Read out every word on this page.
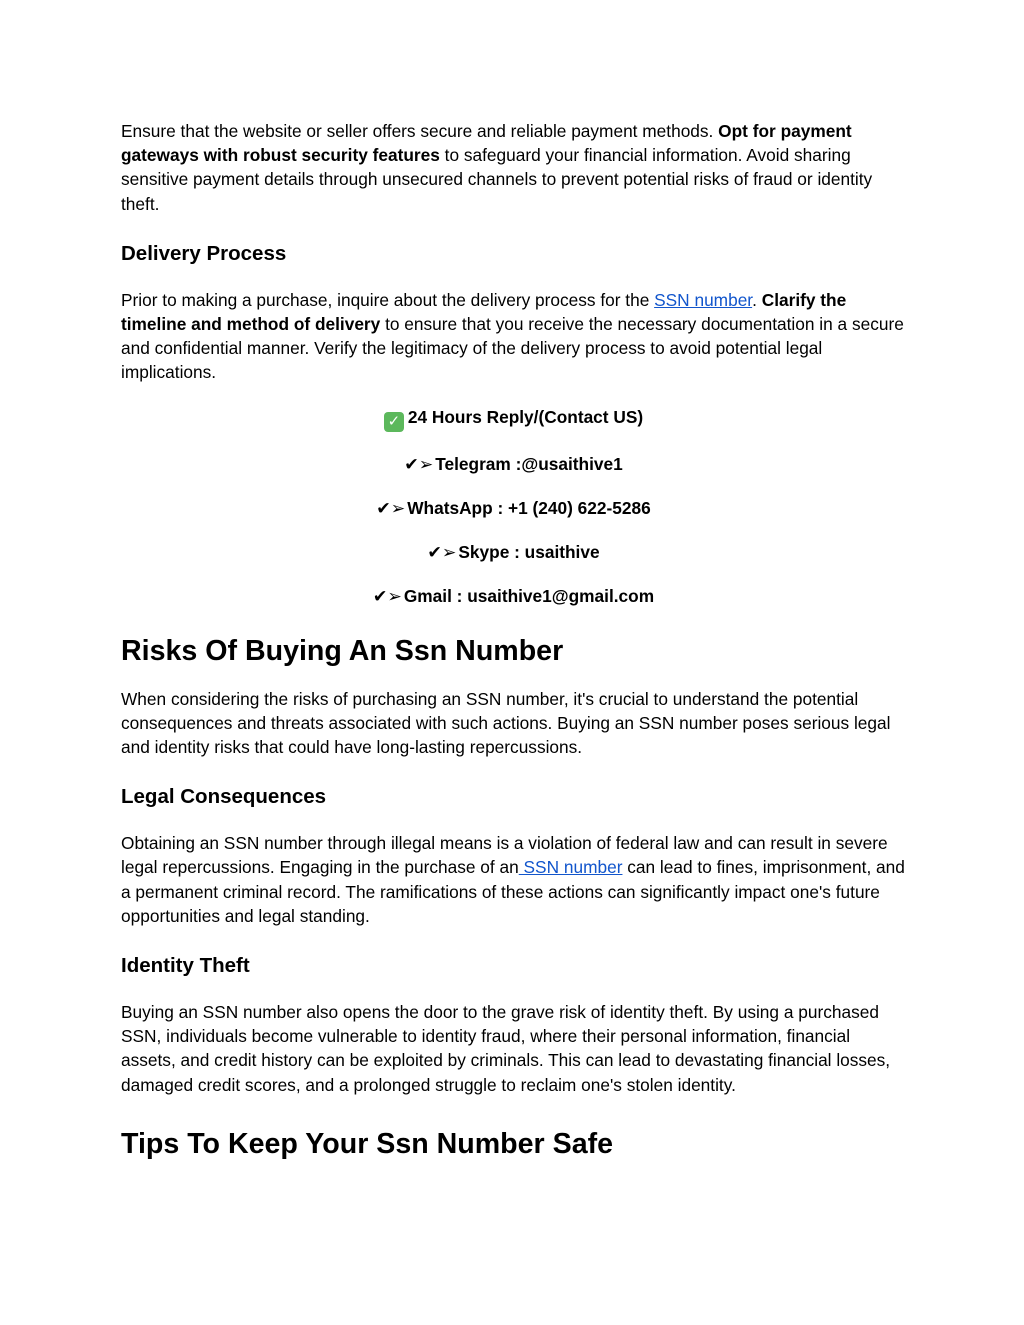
Ensure that the website or seller offers secure and reliable payment methods. Opt for payment gateways with robust security features to safeguard your financial information. Avoid sharing sensitive payment details through unsecured channels to prevent potential risks of fraud or identity theft.

Delivery Process

Prior to making a purchase, inquire about the delivery process for the SSN number. Clarify the timeline and method of delivery to ensure that you receive the necessary documentation in a secure and confidential manner. Verify the legitimacy of the delivery process to avoid potential legal implications.

✓ 24 Hours Reply/(Contact US)
✔➢ Telegram :@usaithive1
✔➢ WhatsApp : +1 (240) 622-5286
✔➢ Skype : usaithive
✔➢ Gmail : usaithive1@gmail.com
Risks Of Buying An Ssn Number

When considering the risks of purchasing an SSN number, it's crucial to understand the potential consequences and threats associated with such actions. Buying an SSN number poses serious legal and identity risks that could have long-lasting repercussions.

Legal Consequences

Obtaining an SSN number through illegal means is a violation of federal law and can result in severe legal repercussions. Engaging in the purchase of an SSN number can lead to fines, imprisonment, and a permanent criminal record. The ramifications of these actions can significantly impact one's future opportunities and legal standing.

Identity Theft

Buying an SSN number also opens the door to the grave risk of identity theft. By using a purchased SSN, individuals become vulnerable to identity fraud, where their personal information, financial assets, and credit history can be exploited by criminals. This can lead to devastating financial losses, damaged credit scores, and a prolonged struggle to reclaim one's stolen identity.

Tips To Keep Your Ssn Number Safe
